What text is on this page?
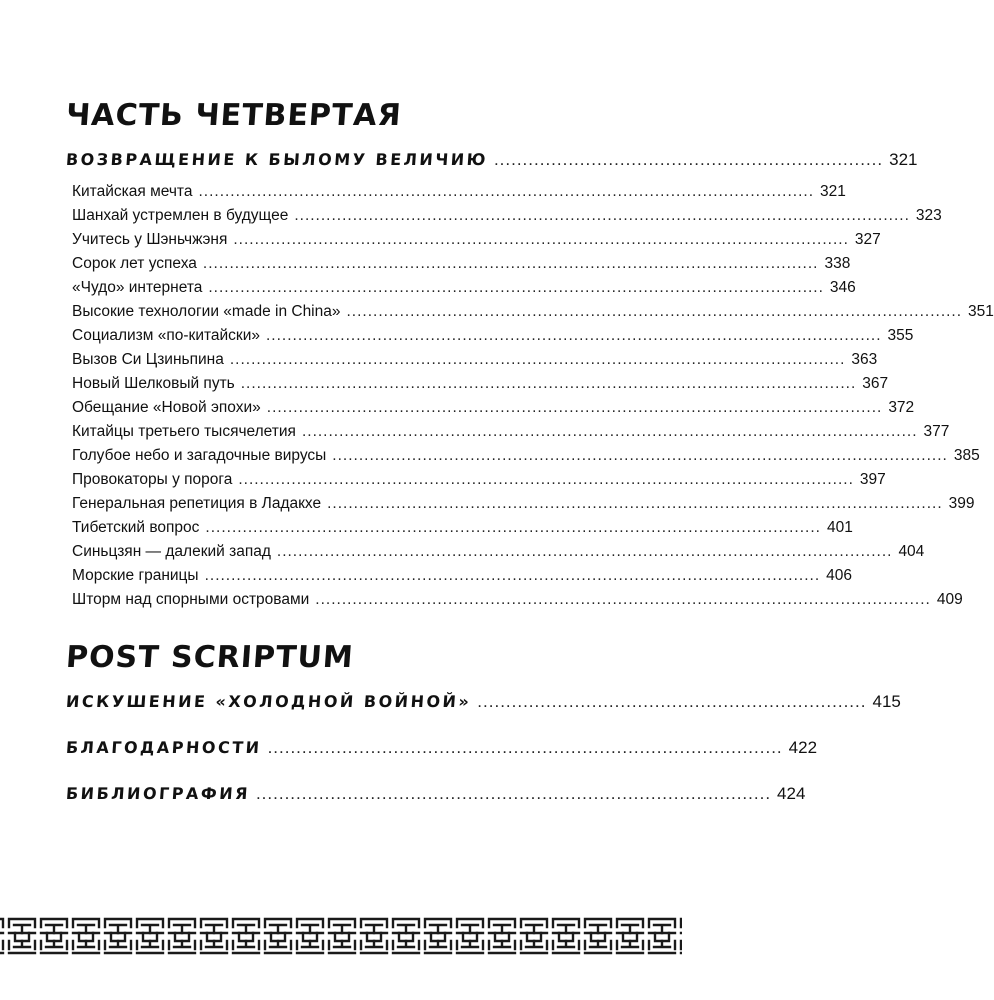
ЧАСТЬ ЧЕТВЕРТАЯ
ВОЗВРАЩЕНИЕ К БЫЛОМУ ВЕЛИЧИЮ .................................................................... 321
Китайская мечта .................................................................................................................... 321
Шанхай устремлен в будущее .................................................................................................................... 323
Учитесь у Шэньчжэня .................................................................................................................... 327
Сорок лет успеха .................................................................................................................... 338
«Чудо» интернета .................................................................................................................... 346
Высокие технологии «made in China» .................................................................................................................... 351
Социализм «по-китайски» .................................................................................................................... 355
Вызов Си Цзиньпина .................................................................................................................... 363
Новый Шелковый путь .................................................................................................................... 367
Обещание «Новой эпохи» .................................................................................................................... 372
Китайцы третьего тысячелетия .................................................................................................................... 377
Голубое небо и загадочные вирусы .................................................................................................................... 385
Провокаторы у порога .................................................................................................................... 397
Генеральная репетиция в Ладакхе .................................................................................................................... 399
Тибетский вопрос .................................................................................................................... 401
Синьцзян — далекий запад .................................................................................................................... 404
Морские границы .................................................................................................................... 406
Шторм над спорными островами .................................................................................................................... 409
POST SCRIPTUM
ИСКУШЕНИЕ «ХОЛОДНОЙ ВОЙНОЙ» .................................................................... 415
БЛАГОДАРНОСТИ .......................................................................................... 422
БИБЛИОГРАФИЯ .......................................................................................... 424
